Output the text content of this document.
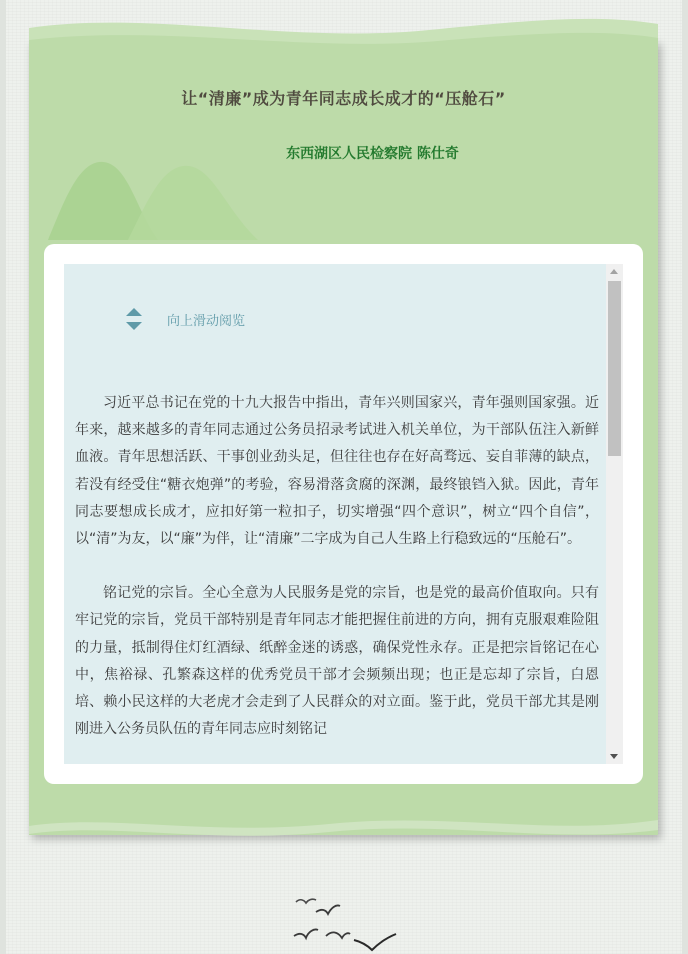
让“清廉”成为青年同志成长成才的“压舱石”
东西湖区人民检察院 陈仕奇
向上滑动阅览

习近平总书记在党的十九大报告中指出，青年兴则国家兴，青年强则国家强。近年来，越来越多的青年同志通过公务员招录考试进入机关单位，为干部队伍注入新鲜血液。青年思想活跃、干事创业劲头足，但往往也存在好高骛远、妄自菲薄的缺点，若没有经受住“糖衣炮弹”的考验，容易滑落贪腐的深渊，最终锒铛入狱。因此，青年同志要想成长成才，应扣好第一粒扣子，切实增强“四个意识”，树立“四个自信”，以“清”为友，以“廉”为伴，让“清廉”二字成为自己人生路上行稳致远的“压舱石”。

铭记党的宗旨。全心全意为人民服务是党的宗旨，也是党的最高价值取向。只有牢记党的宗旨，党员干部特别是青年同志才能把握住前进的方向，拥有克服艰难险阻的力量，抵制得住灯红酒绿、纸醉金迷的诱惑，确保党性永存。正是把宗旨铭记在心中，焦裕禄、孔繁森这样的优秀党员干部才会频频出现；也正是忘却了宗旨，白恩培、赖小民这样的大老虎才会走到了人民群众的对立面。鉴于此，党员干部尤其是刚刚进入公务员队伍的青年同志应时刻铭记
